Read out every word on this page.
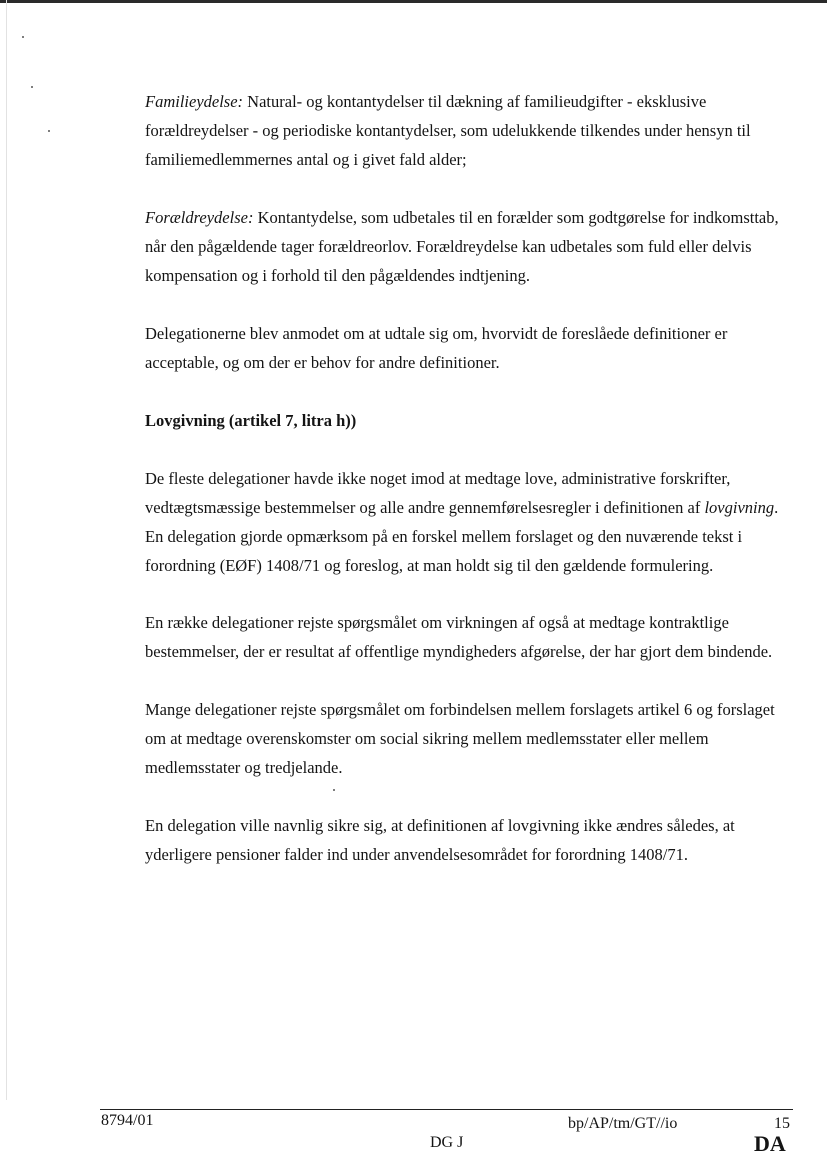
Familieydelse: Natural- og kontantydelser til dækning af familieudgifter - eksklusive forældreydelser - og periodiske kontantydelser, som udelukkende tilkendes under hensyn til familiemedlemmernes antal og i givet fald alder;

Forældreydelse: Kontantydelse, som udbetales til en forælder som godtgørelse for indkomsttab, når den pågældende tager forældreorlov. Forældreydelse kan udbetales som fuld eller delvis kompensation og i forhold til den pågældendes indtjening.

Delegationerne blev anmodet om at udtale sig om, hvorvidt de foreslåede definitioner er acceptable, og om der er behov for andre definitioner.

Lovgivning (artikel 7, litra h))

De fleste delegationer havde ikke noget imod at medtage love, administrative forskrifter, vedtægtsmæssige bestemmelser og alle andre gennemførelsesregler i definitionen af lovgivning. En delegation gjorde opmærksom på en forskel mellem forslaget og den nuværende tekst i forordning (EØF) 1408/71 og foreslog, at man holdt sig til den gældende formulering.

En række delegationer rejste spørgsmålet om virkningen af også at medtage kontraktlige bestemmelser, der er resultat af offentlige myndigheders afgørelse, der har gjort dem bindende.

Mange delegationer rejste spørgsmålet om forbindelsen mellem forslagets artikel 6 og forslaget om at medtage overenskomster om social sikring mellem medlemsstater eller mellem medlemsstater og tredjelande.

En delegation ville navnlig sikre sig, at definitionen af lovgivning ikke ændres således, at yderligere pensioner falder ind under anvendelsesområdet for forordning 1408/71.

8794/01	bp/AP/tm/GT//io	15

DG J	DA
